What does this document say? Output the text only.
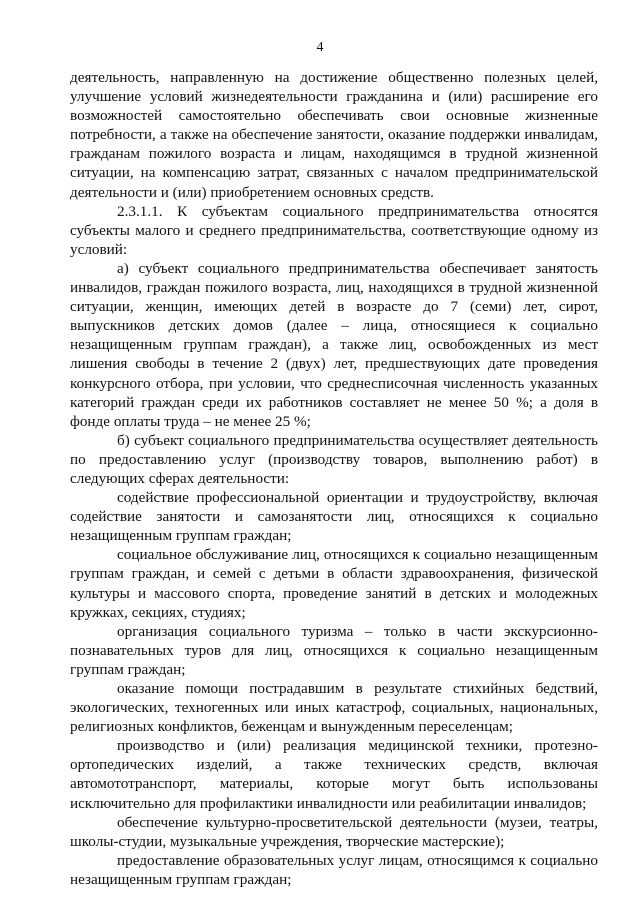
4

деятельность, направленную на достижение общественно полезных целей, улучшение условий жизнедеятельности гражданина и (или) расширение его возможностей самостоятельно обеспечивать свои основные жизненные потребности, а также на обеспечение занятости, оказание поддержки инвалидам, гражданам пожилого возраста и лицам, находящимся в трудной жизненной ситуации, на компенсацию затрат, связанных с началом предпринимательской деятельности и (или) приобретением основных средств.

2.3.1.1. К субъектам социального предпринимательства относятся субъекты малого и среднего предпринимательства, соответствующие одному из условий:

а) субъект социального предпринимательства обеспечивает занятость инвалидов, граждан пожилого возраста, лиц, находящихся в трудной жизненной ситуации, женщин, имеющих детей в возрасте до 7 (семи) лет, сирот, выпускников детских домов (далее – лица, относящиеся к социально незащищенным группам граждан), а также лиц, освобожденных из мест лишения свободы в течение 2 (двух) лет, предшествующих дате проведения конкурсного отбора, при условии, что среднесписочная численность указанных категорий граждан среди их работников составляет не менее 50 %; а доля в фонде оплаты труда – не менее 25 %;

б) субъект социального предпринимательства осуществляет деятельность по предоставлению услуг (производству товаров, выполнению работ) в следующих сферах деятельности:

содействие профессиональной ориентации и трудоустройству, включая содействие занятости и самозанятости лиц, относящихся к социально незащищенным группам граждан;

социальное обслуживание лиц, относящихся к социально незащищенным группам граждан, и семей с детьми в области здравоохранения, физической культуры и массового спорта, проведение занятий в детских и молодежных кружках, секциях, студиях;

организация социального туризма – только в части экскурсионно-познавательных туров для лиц, относящихся к социально незащищенным группам граждан;

оказание помощи пострадавшим в результате стихийных бедствий, экологических, техногенных или иных катастроф, социальных, национальных, религиозных конфликтов, беженцам и вынужденным переселенцам;

производство и (или) реализация медицинской техники, протезно-ортопедических изделий, а также технических средств, включая автомототранспорт, материалы, которые могут быть использованы исключительно для профилактики инвалидности или реабилитации инвалидов;

обеспечение культурно-просветительской деятельности (музеи, театры, школы-студии, музыкальные учреждения, творческие мастерские);

предоставление образовательных услуг лицам, относящимся к социально незащищенным группам граждан;
